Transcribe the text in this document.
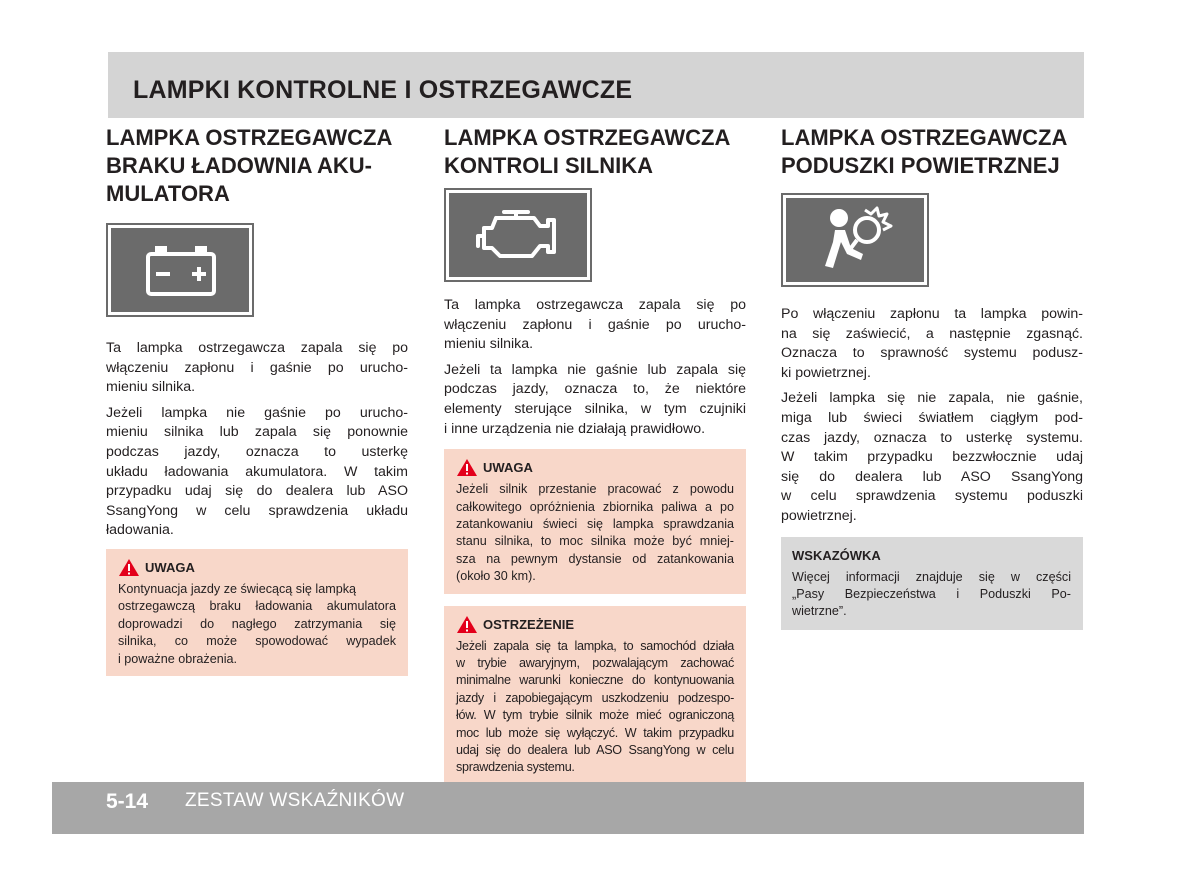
LAMPKI KONTROLNE I OSTRZEGAWCZE
LAMPKA OSTRZEGAWCZA
BRAKU ŁADOWNIA AKU-
MULATORA

Ta lampka ostrzegawcza zapala się po
włączeniu zapłonu i gaśnie po urucho-
mieniu silnika.

Jeżeli lampka nie gaśnie po urucho-
mieniu silnika lub zapala się ponownie
podczas jazdy, oznacza to usterkę
układu ładowania akumulatora. W takim
przypadku udaj się do dealera lub ASO
SsangYong w celu sprawdzenia układu
ładowania.

UWAGA
Kontynuacja jazdy ze świecącą się lampką
ostrzegawczą braku ładowania akumulatora
doprowadzi do nagłego zatrzymania się
silnika, co może spowodować wypadek
i poważne obrażenia.
LAMPKA OSTRZEGAWCZA
KONTROLI SILNIKA

Ta lampka ostrzegawcza zapala się po
włączeniu zapłonu i gaśnie po urucho-
mieniu silnika.

Jeżeli ta lampka nie gaśnie lub zapala się
podczas jazdy, oznacza to, że niektóre
elementy sterujące silnika, w tym czujniki
i inne urządzenia nie działają prawidłowo.

UWAGA
Jeżeli silnik przestanie pracować z powodu
całkowitego opróżnienia zbiornika paliwa a po
zatankowaniu świeci się lampka sprawdzania
stanu silnika, to moc silnika może być mniej-
sza na pewnym dystansie od zatankowania
(około 30 km).
OSTRZEŻENIE
Jeżeli zapala się ta lampka, to samochód działa
w trybie awaryjnym, pozwalającym zachować
minimalne warunki konieczne do kontynuowania
jazdy i zapobiegającym uszkodzeniu podzespo-
łów. W tym trybie silnik może mieć ograniczoną
moc lub może się wyłączyć. W takim przypadku
udaj się do dealera lub ASO SsangYong w celu
sprawdzenia systemu.
LAMPKA OSTRZEGAWCZA
PODUSZKI POWIETRZNEJ

Po włączeniu zapłonu ta lampka powin-
na się zaświecić, a następnie zgasnąć.
Oznacza to sprawność systemu podusz-
ki powietrznej.

Jeżeli lampka się nie zapala, nie gaśnie,
miga lub świeci światłem ciągłym pod-
czas jazdy, oznacza to usterkę systemu.
W takim przypadku bezzwłocznie udaj
się do dealera lub ASO SsangYong
w celu sprawdzenia systemu poduszki
powietrznej.

WSKAZÓWKA
Więcej informacji znajduje się w części
„Pasy Bezpieczeństwa i Poduszki Po-
wietrzne”.
5-14 ZESTAW WSKAŹNIKÓW
